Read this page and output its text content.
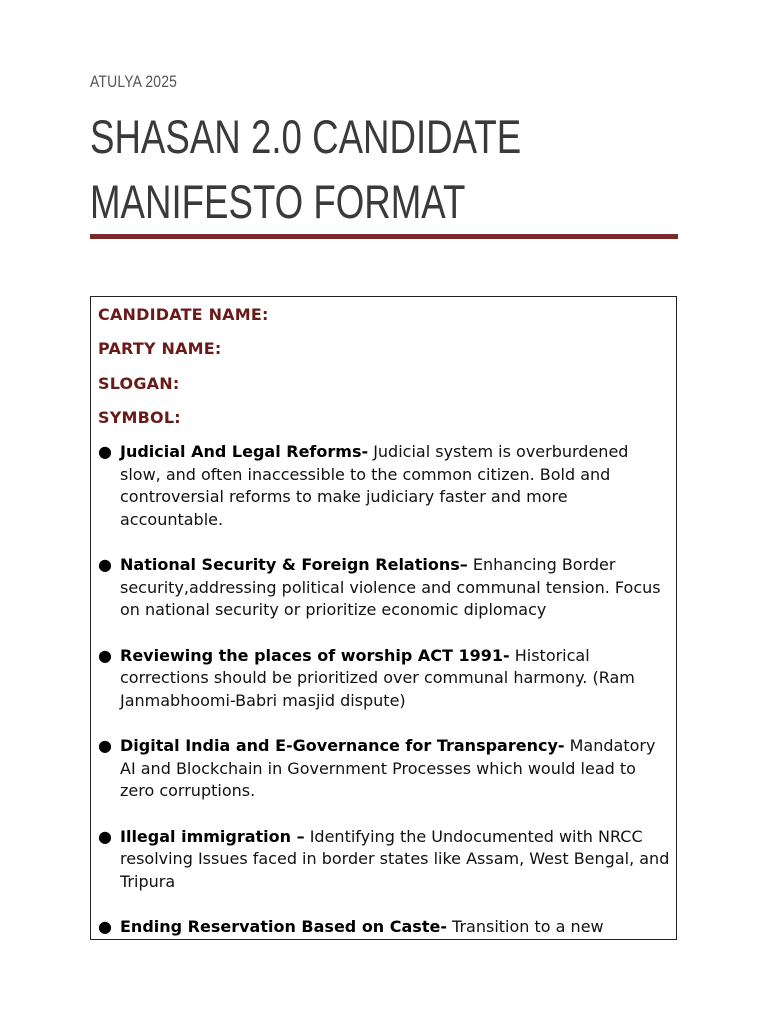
ATULYA 2025
SHASAN 2.0 CANDIDATE
MANIFESTO FORMAT
CANDIDATE NAME:
PARTY NAME:
SLOGAN:
SYMBOL:
● Judicial And Legal Reforms- Judicial system is overburdened slow, and often inaccessible to the common citizen. Bold and controversial reforms to make judiciary faster and more accountable.
● National Security & Foreign Relations– Enhancing Border security,addressing political violence and communal tension. Focus on national security or prioritize economic diplomacy
● Reviewing the places of worship ACT 1991- Historical corrections should be prioritized over communal harmony. (Ram Janmabhoomi-Babri masjid dispute)
● Digital India and E-Governance for Transparency- Mandatory AI and Blockchain in Government Processes which would lead to zero corruptions.
● Illegal immigration – Identifying the Undocumented with NRCC resolving Issues faced in border states like Assam, West Bengal, and Tripura
● Ending Reservation Based on Caste- Transition to a new
